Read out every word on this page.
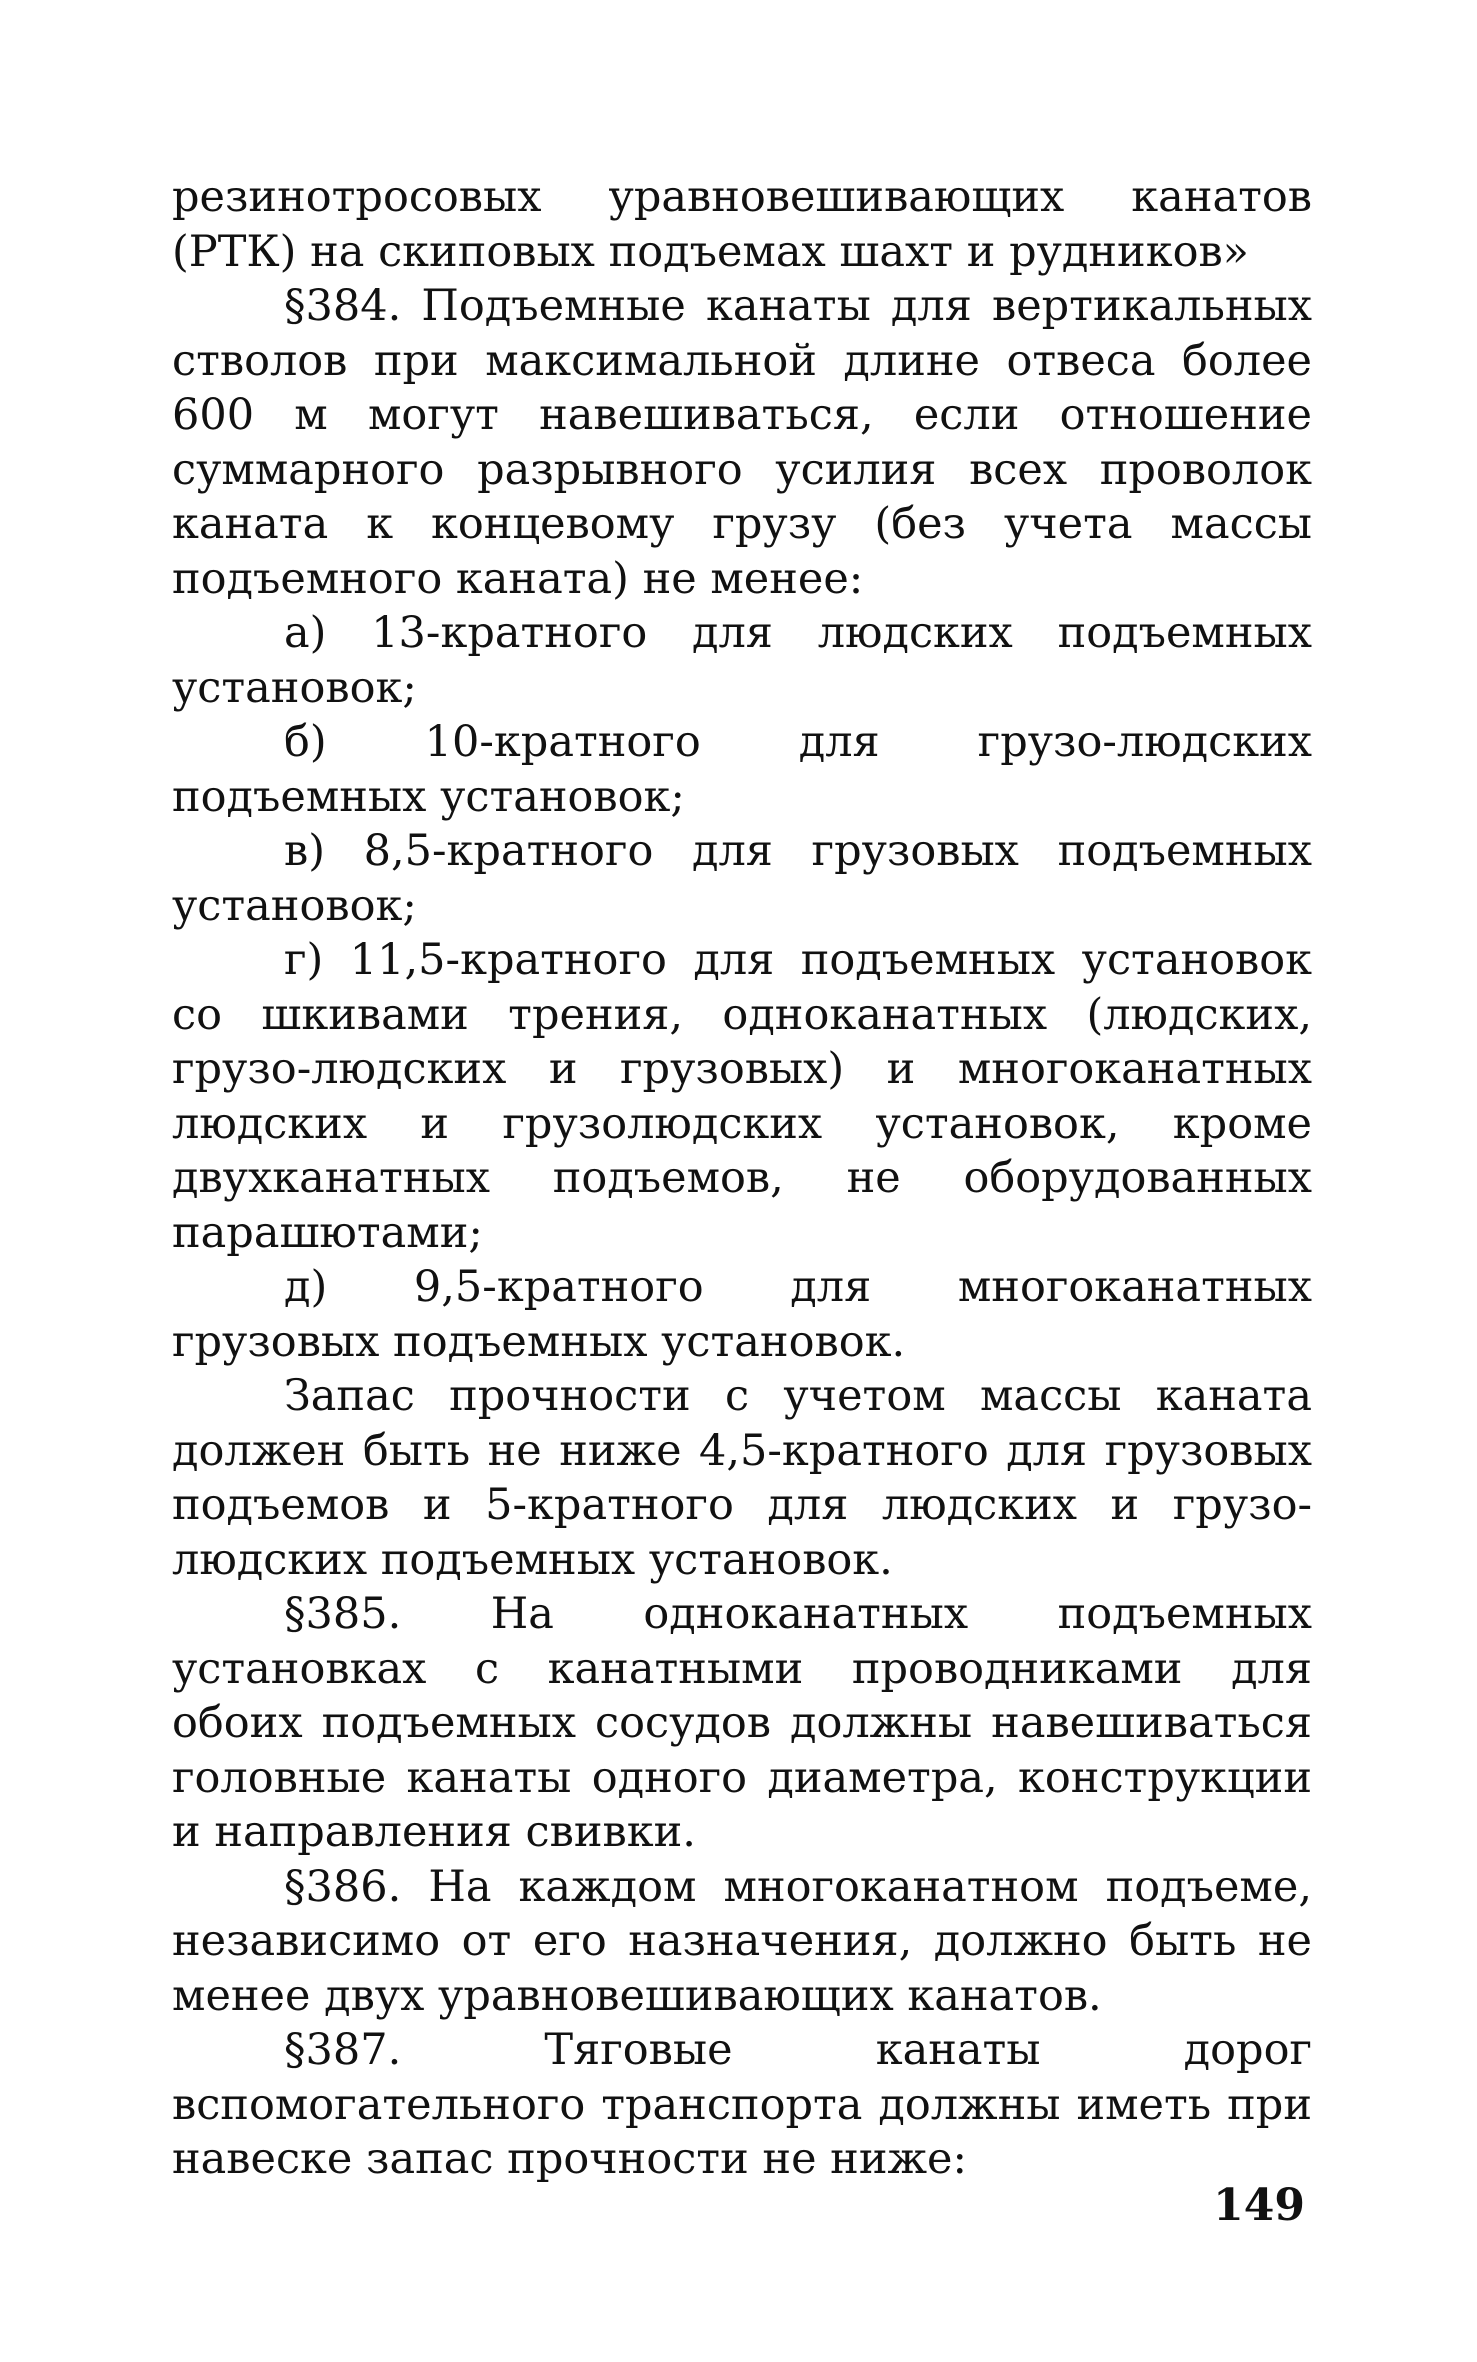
резинотросовых уравновешивающих канатов (РТК) на скиповых подъемах шахт и рудников»

§384. Подъемные канаты для вертикальных стволов при максимальной длине отвеса более 600 м могут навешиваться, если отношение суммарного разрывного усилия всех проволок каната к концевому грузу (без учета массы подъемного каната) не менее:

а) 13-кратного для людских подъемных установок;

б) 10-кратного для грузо-людских подъемных установок;

в) 8,5-кратного для грузовых подъемных установок;

г) 11,5-кратного для подъемных установок со шкивами трения, одноканатных (людских, грузо-людских и грузовых) и многоканатных людских и грузолюдских установок, кроме двухканатных подъемов, не оборудованных парашютами;

д) 9,5-кратного для многоканатных грузовых подъемных установок.

Запас прочности с учетом массы каната должен быть не ниже 4,5-кратного для грузовых подъемов и 5-кратного для людских и грузо-людских подъемных установок.

§385. На одноканатных подъемных установках с канатными проводниками для обоих подъемных сосудов должны навешиваться головные канаты одного диаметра, конструкции и направления свивки.

§386. На каждом многоканатном подъеме, независимо от его назначения, должно быть не менее двух уравновешивающих канатов.

§387. Тяговые канаты дорог вспомогательного транспорта должны иметь при навеске запас прочности не ниже:

149
